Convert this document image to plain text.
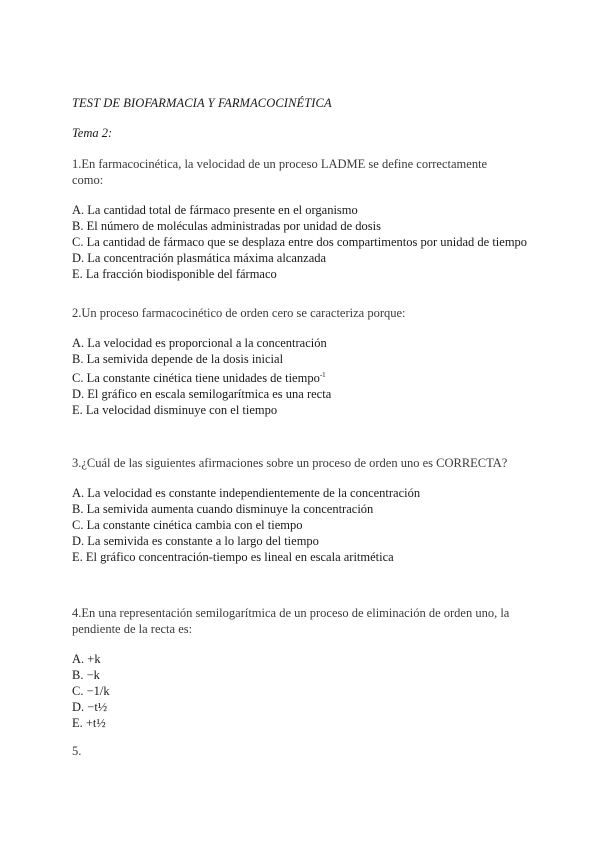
TEST DE BIOFARMACIA Y FARMACOCINÉTICA
Tema 2:
1.En farmacocinética, la velocidad de un proceso LADME se define correctamente como:
A. La cantidad total de fármaco presente en el organismo
B. El número de moléculas administradas por unidad de dosis
C. La cantidad de fármaco que se desplaza entre dos compartimentos por unidad de tiempo
D. La concentración plasmática máxima alcanzada
E. La fracción biodisponible del fármaco
2.Un proceso farmacocinético de orden cero se caracteriza porque:
A. La velocidad es proporcional a la concentración
B. La semivida depende de la dosis inicial
C. La constante cinética tiene unidades de tiempo$^{-1}$
D. El gráfico en escala semilogarítmica es una recta
E. La velocidad disminuye con el tiempo
3.¿Cuál de las siguientes afirmaciones sobre un proceso de orden uno es CORRECTA?
A. La velocidad es constante independientemente de la concentración
B. La semivida aumenta cuando disminuye la concentración
C. La constante cinética cambia con el tiempo
D. La semivida es constante a lo largo del tiempo
E. El gráfico concentración-tiempo es lineal en escala aritmética
4.En una representación semilogarítmica de un proceso de eliminación de orden uno, la pendiente de la recta es:
A. +k
B. −k
C. −1/k
D. −t½
E. +t½
5.
